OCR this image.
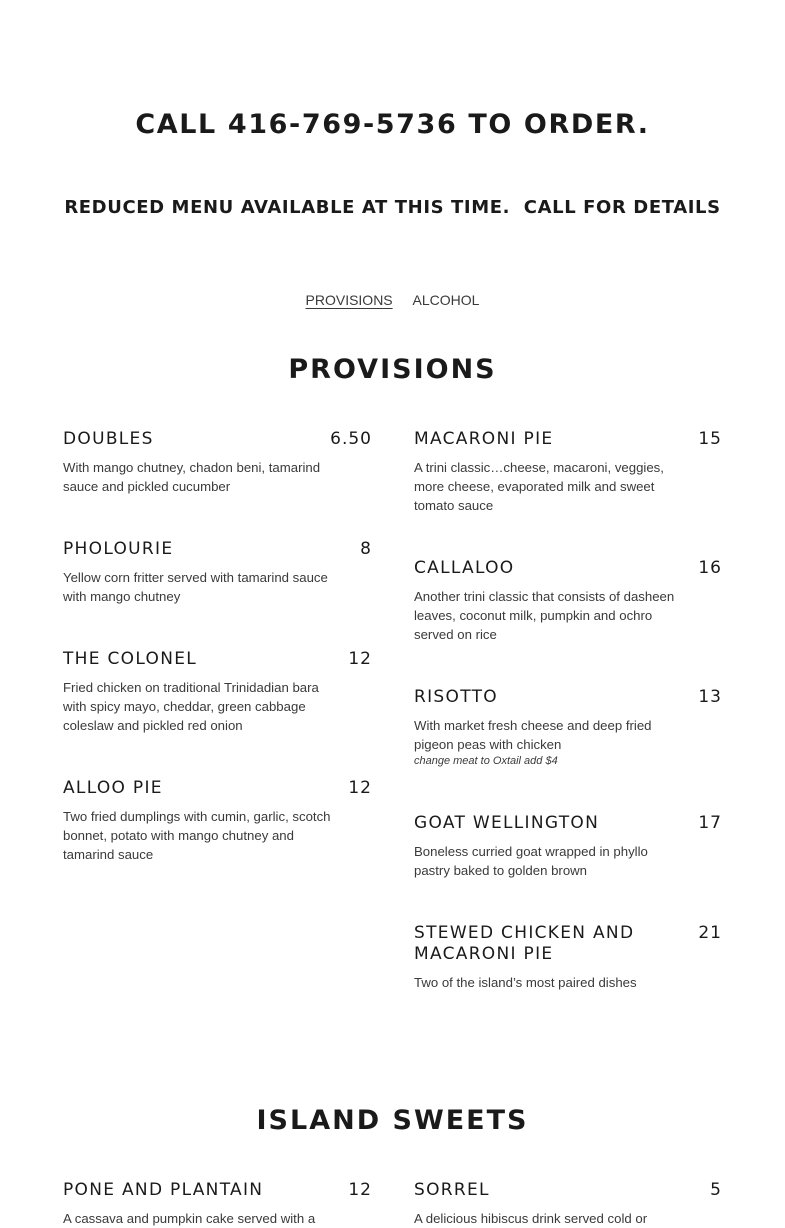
CALL 416-769-5736 TO ORDER.
REDUCED MENU AVAILABLE AT THIS TIME.  CALL FOR DETAILS
PROVISIONS ALCOHOL
PROVISIONS
DOUBLES	6.50
With mango chutney, chadon beni, tamarind sauce and pickled cucumber
PHOLOURIE	8
Yellow corn fritter served with tamarind sauce with mango chutney
THE COLONEL	12
Fried chicken on traditional Trinidadian bara with spicy mayo, cheddar, green cabbage coleslaw and pickled red onion
ALLOO PIE	12
Two fried dumplings with cumin, garlic, scotch bonnet, potato with mango chutney and tamarind sauce
MACARONI PIE	15
A trini classic…cheese, macaroni, veggies, more cheese, evaporated milk and sweet tomato sauce
CALLALOO	16
Another trini classic that consists of dasheen leaves, coconut milk, pumpkin and ochro served on rice
RISOTTO	13
With market fresh cheese and deep fried pigeon peas with chicken
change meat to Oxtail add $4
GOAT WELLINGTON	17
Boneless curried goat wrapped in phyllo pastry baked to golden brown
STEWED CHICKEN AND MACARONI PIE
21
Two of the island’s most paired dishes
ISLAND SWEETS
PONE AND PLANTAIN	12
A cassava and pumpkin cake served with a
SORREL	5
A delicious hibiscus drink served cold or
